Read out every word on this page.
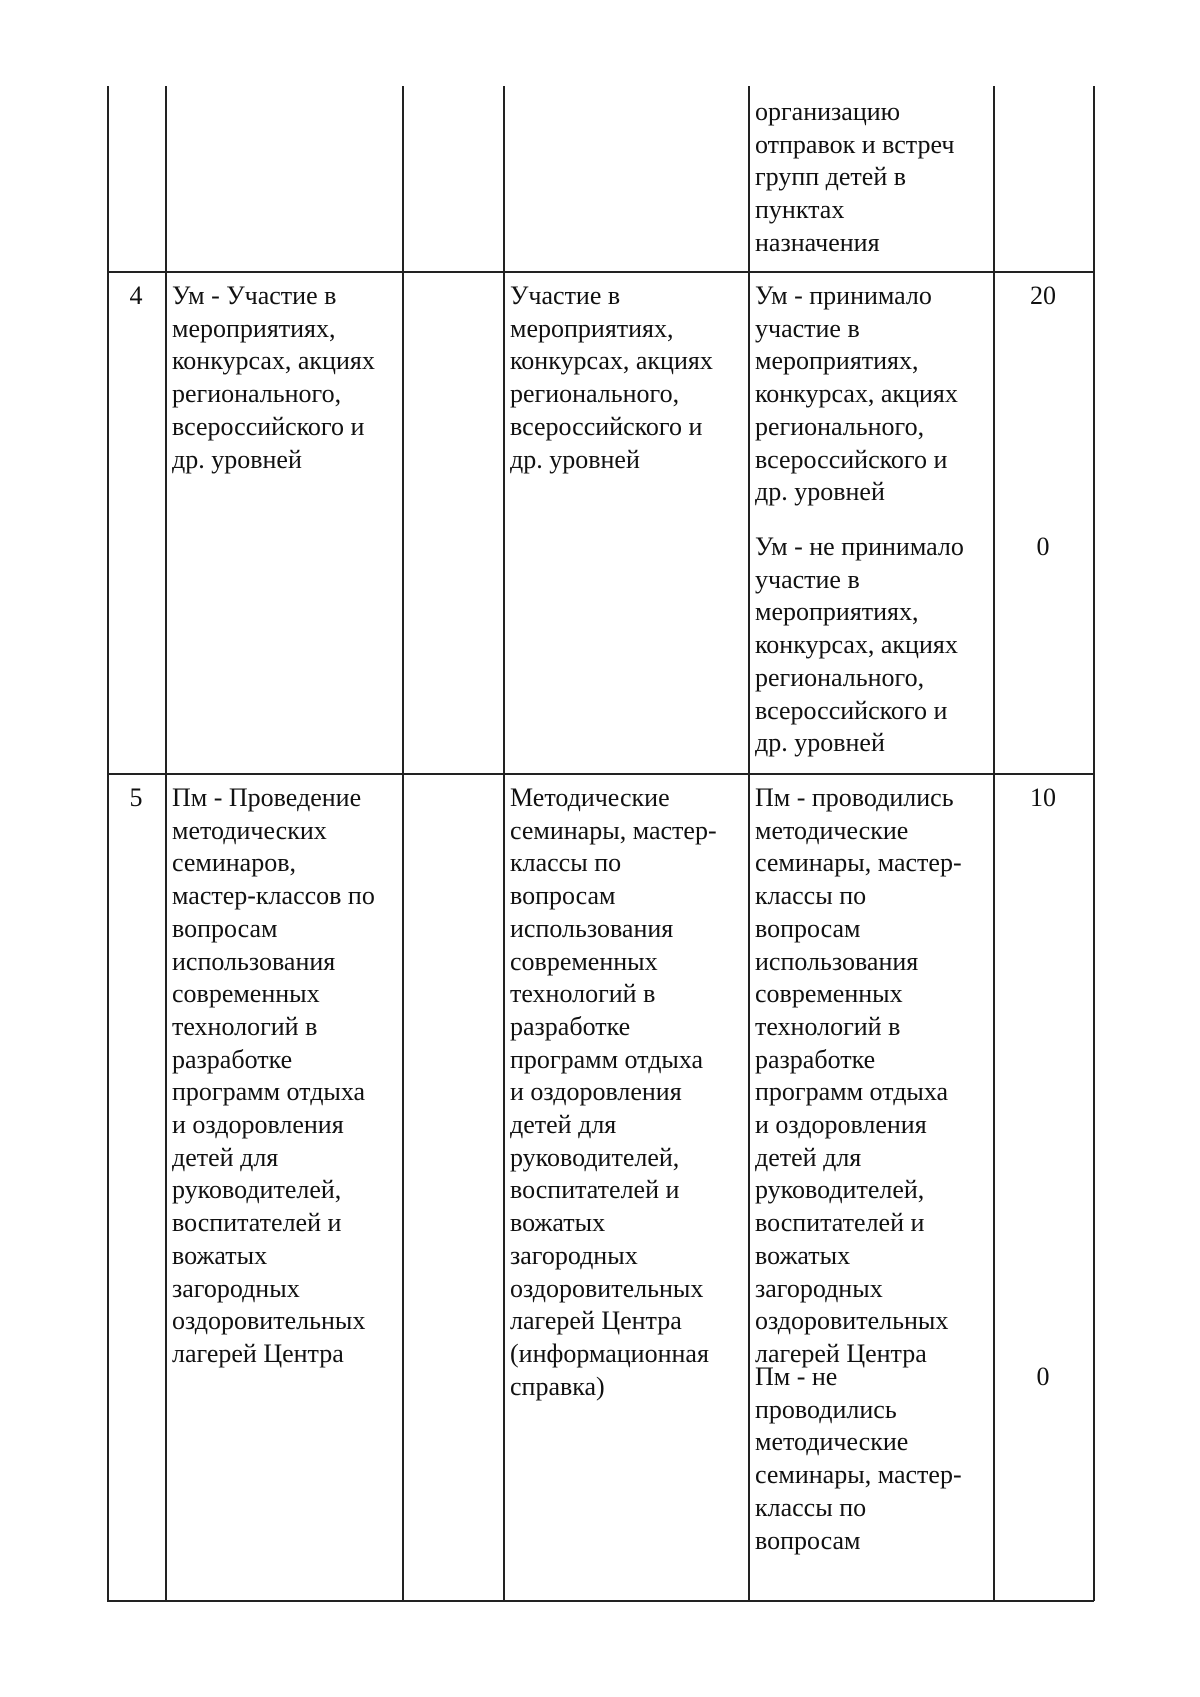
организацию
отправок и встреч
групп детей в
пунктах
назначения
4	Ум - Участие в
мероприятиях,
конкурсах, акциях
регионального,
всероссийского и
др. уровней
Участие в
мероприятиях,
конкурсах, акциях
регионального,
всероссийского и
др. уровней
Ум - принимало
участие в
мероприятиях,
конкурсах, акциях
регионального,
всероссийского и
др. уровней
20
Ум - не принимало
участие в
мероприятиях,
конкурсах, акциях
регионального,
всероссийского и
др. уровней
0
5	Пм - Проведение
методических
семинаров,
мастер-классов по
вопросам
использования
современных
технологий в
разработке
программ отдыха
и оздоровления
детей для
руководителей,
воспитателей и
вожатых
загородных
оздоровительных
лагерей Центра
Методические
семинары, мастер-
классы по
вопросам
использования
современных
технологий в
разработке
программ отдыха
и оздоровления
детей для
руководителей,
воспитателей и
вожатых
загородных
оздоровительных
лагерей Центра
(информационная
справка)
Пм - проводились
методические
семинары, мастер-
классы по
вопросам
использования
современных
технологий в
разработке
программ отдыха
и оздоровления
детей для
руководителей,
воспитателей и
вожатых
загородных
оздоровительных
лагерей Центра
10
Пм - не
проводились
методические
семинары, мастер-
классы по
вопросам
0
